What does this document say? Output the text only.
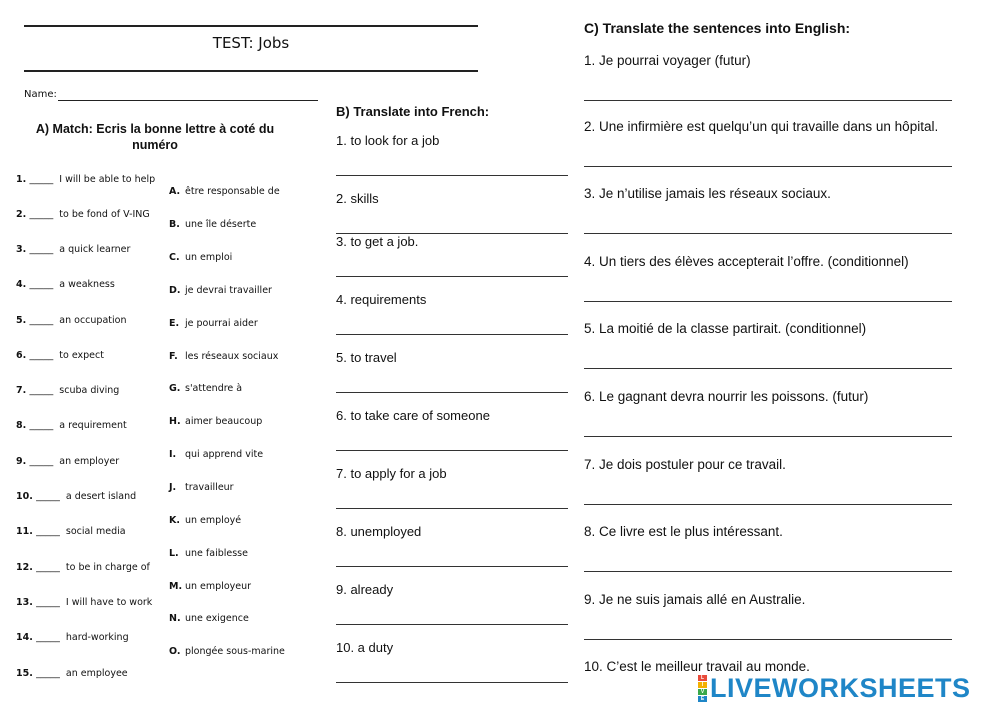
TEST: Jobs
Name:
A) Match: Ecris la bonne lettre à coté du numéro
1. _____ I will be able to help
2. _____ to be fond of V-ING
3. _____ a quick learner
4. _____ a weakness
5. _____ an occupation
6. _____ to expect
7. _____ scuba diving
8. _____ a requirement
9. _____ an employer
10. _____ a desert island
11. _____ social media
12. _____ to be in charge of
13. _____ I will have to work
14. _____ hard-working
15. _____ an employee
A. être responsable de
B. une île déserte
C. un emploi
D. je devrai travailler
E. je pourrai aider
F. les réseaux sociaux
G. s'attendre à
H. aimer beaucoup
I. qui apprend vite
J. travailleur
K. un employé
L. une faiblesse
M. un employeur
N. une exigence
O. plongée sous-marine
B) Translate into French:
1. to look for a job
2. skills
3. to get a job.
4. requirements
5. to travel
6. to take care of someone
7. to apply for a job
8. unemployed
9. already
10. a duty
C) Translate the sentences into English:
1. Je pourrai voyager (futur)
2. Une infirmière est quelqu’un qui travaille dans un hôpital.
3. Je n’utilise jamais les réseaux sociaux.
4. Un tiers des élèves accepterait l’offre. (conditionnel)
5. La moitié de la classe partirait. (conditionnel)
6. Le gagnant devra nourrir les poissons. (futur)
7. Je dois postuler pour ce travail.
8. Ce livre est le plus intéressant.
9. Je ne suis jamais allé en Australie.
10. C’est le meilleur travail au monde.
L
I
V
E LIVEWORKSHEETS
